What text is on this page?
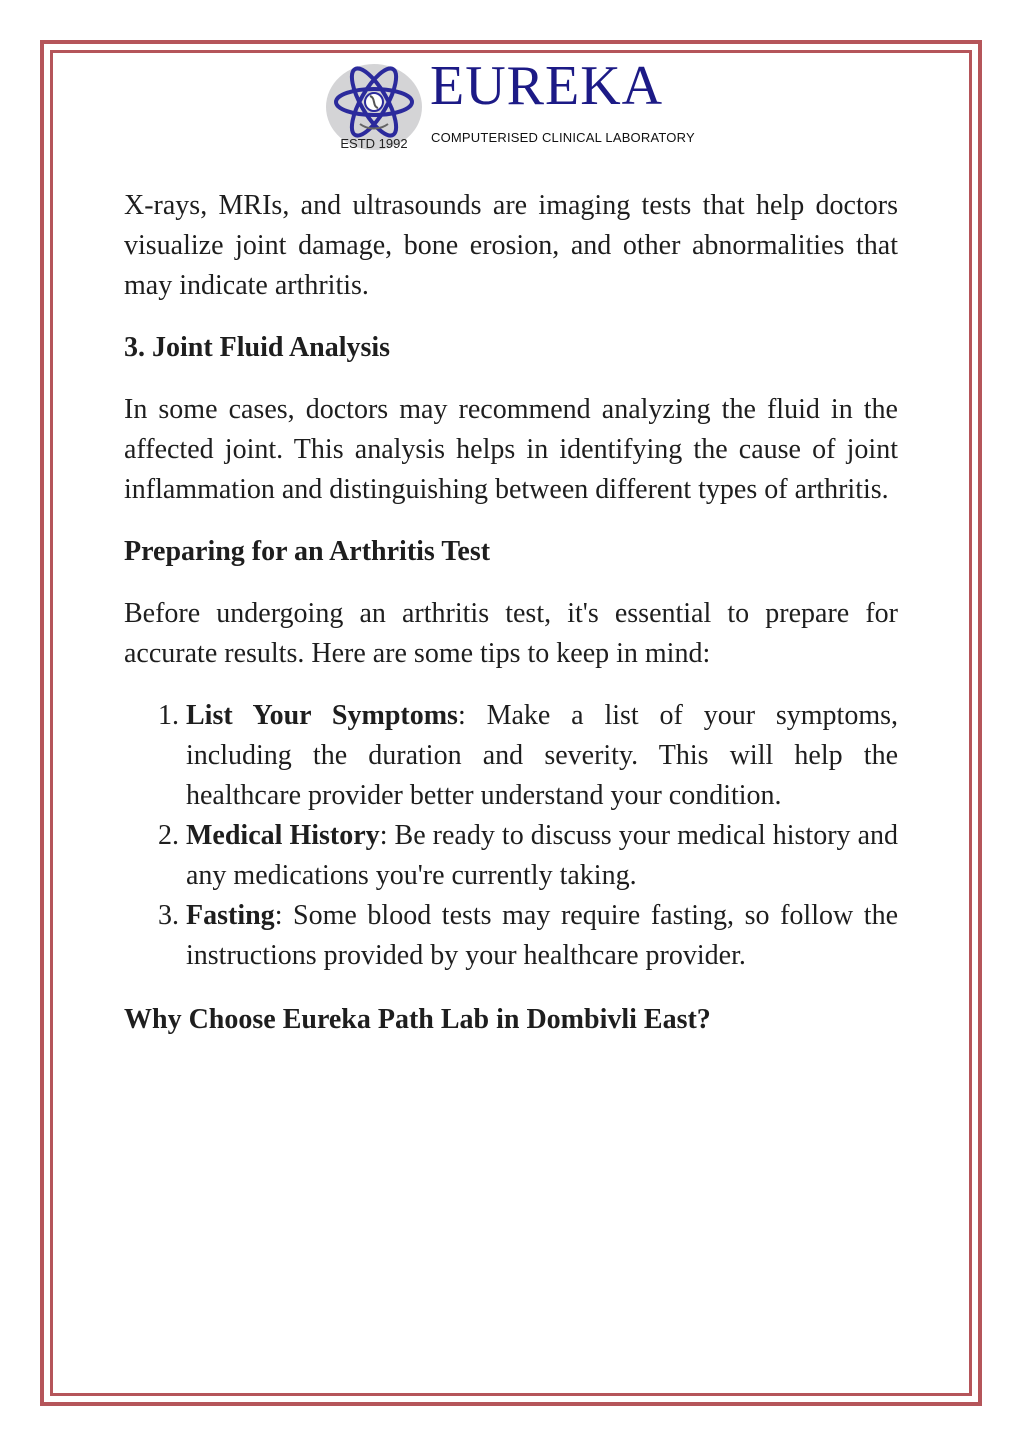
ESTD 1992
EUREKA
COMPUTERISED CLINICAL LABORATORY

X-rays, MRIs, and ultrasounds are imaging tests that help doctors visualize joint damage, bone erosion, and other abnormalities that may indicate arthritis.

3. Joint Fluid Analysis

In some cases, doctors may recommend analyzing the fluid in the affected joint. This analysis helps in identifying the cause of joint inflammation and distinguishing between different types of arthritis.

Preparing for an Arthritis Test

Before undergoing an arthritis test, it's essential to prepare for accurate results. Here are some tips to keep in mind:

1. List Your Symptoms: Make a list of your symptoms, including the duration and severity. This will help the healthcare provider better understand your condition.
2. Medical History: Be ready to discuss your medical history and any medications you're currently taking.
3. Fasting: Some blood tests may require fasting, so follow the instructions provided by your healthcare provider.
Why Choose Eureka Path Lab in Dombivli East?
